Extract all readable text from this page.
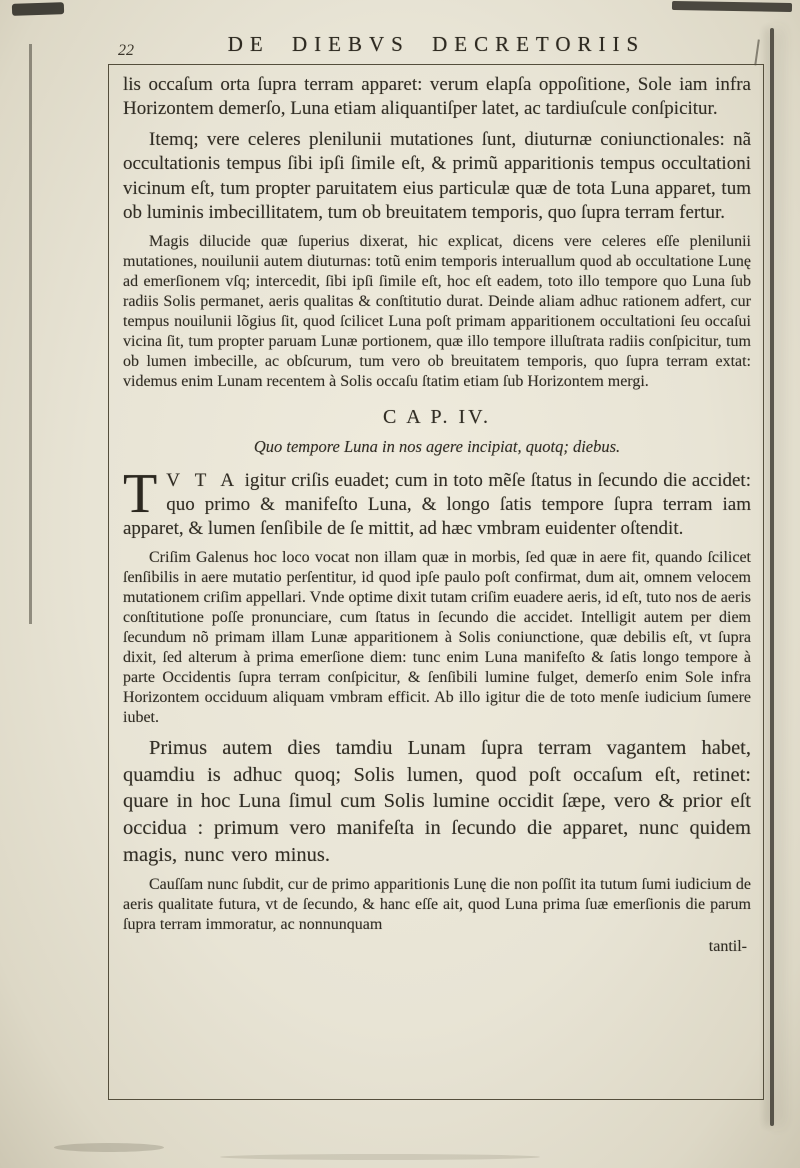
22	DE DIEBVS DECRETORIIS

lis occaſum orta ſupra terram apparet: verum elapſa oppoſitione, Sole iam infra Horizontem demerſo, Luna etiam aliquantiſper latet, ac tardiuſcule conſpicitur.

Itemq; vere celeres plenilunii mutationes ſunt, diuturnæ coniunctionales: nã occultationis tempus ſibi ipſi ſimile eſt, & primũ apparitionis tempus occultationi vicinum eſt, tum propter paruitatem eius particulæ quæ de tota Luna apparet, tum ob luminis imbecillitatem, tum ob breuitatem temporis, quo ſupra terram fertur.

Magis dilucide quæ ſuperius dixerat, hic explicat, dicens vere celeres eſſe plenilunii mutationes, nouilunii autem diuturnas: totũ enim temporis interuallum quod ab occultatione Lunę ad emerſionem vſq; intercedit, ſibi ipſi ſimile eſt, hoc eſt eadem, toto illo tempore quo Luna ſub radiis Solis permanet, aeris qualitas & conſtitutio durat. Deinde aliam adhuc rationem adfert, cur tempus nouilunii lõgius ſit, quod ſcilicet Luna poſt primam apparitionem occultationi ſeu occaſui vicina ſit, tum propter paruam Lunæ portionem, quæ illo tempore illuſtrata radiis conſpicitur, tum ob lumen imbecille, ac obſcurum, tum vero ob breuitatem temporis, quo ſupra terram extat: videmus enim Lunam recentem à Solis occaſu ſtatim etiam ſub Horizontem mergi.

C A P. IV.
Quo tempore Luna in nos agere incipiat, quotq; diebus.

T V T A igitur criſis euadet; cum in toto mẽſe ſtatus in ſecundo die accidet: quo primo & manifeſto Luna, & longo ſatis tempore ſupra terram iam apparet, & lumen ſenſibile de ſe mittit, ad hæc vmbram euidenter oſtendit.

Criſim Galenus hoc loco vocat non illam quæ in morbis, ſed quæ in aere fit, quando ſcilicet ſenſibilis in aere mutatio perſentitur, id quod ipſe paulo poſt confirmat, dum ait, omnem velocem mutationem criſim appellari. Vnde optime dixit tutam criſim euadere aeris, id eſt, tuto nos de aeris conſtitutione poſſe pronunciare, cum ſtatus in ſecundo die accidet. Intelligit autem per diem ſecundum nõ primam illam Lunæ apparitionem à Solis coniunctione, quæ debilis eſt, vt ſupra dixit, ſed alterum à prima emerſione diem: tunc enim Luna manifeſto & ſatis longo tempore à parte Occidentis ſupra terram conſpicitur, & ſenſibili lumine fulget, demerſo enim Sole infra Horizontem occiduum aliquam vmbram efficit. Ab illo igitur die de toto menſe iudicium ſumere iubet.

Primus autem dies tamdiu Lunam ſupra terram vagantem habet, quamdiu is adhuc quoq; Solis lumen, quod poſt occaſum eſt, retinet: quare in hoc Luna ſimul cum Solis lumine occidit ſæpe, vero & prior eſt occidua : primum vero manifeſta in ſecundo die apparet, nunc quidem magis, nunc vero minus.

Cauſſam nunc ſubdit, cur de primo apparitionis Lunę die non poſſit ita tutum ſumi iudicium de aeris qualitate futura, vt de ſecundo, & hanc eſſe ait, quod Luna prima ſuæ emerſionis die parum ſupra terram immoratur, ac nonnunquam

tantil-
